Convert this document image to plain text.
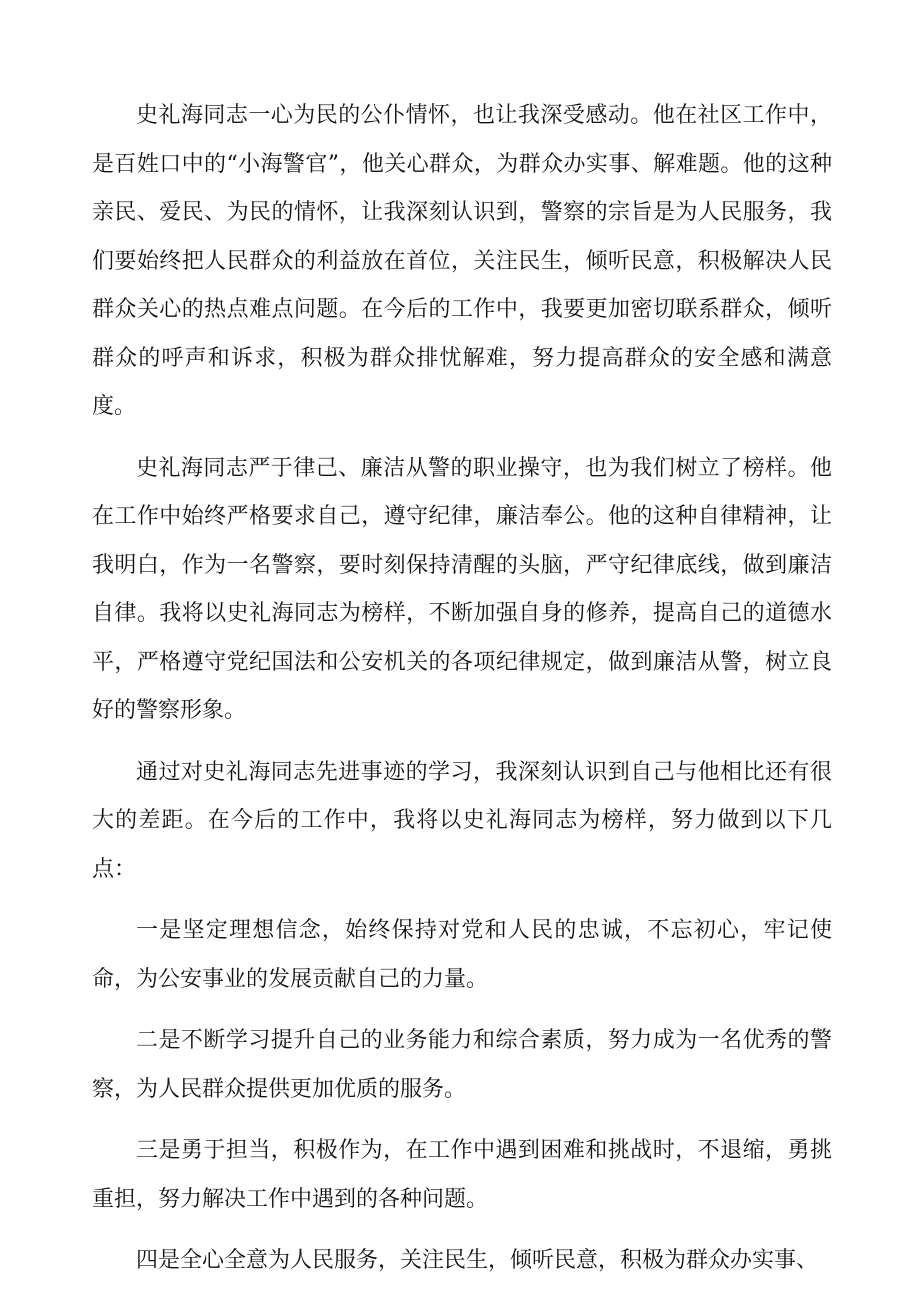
史礼海同志一心为民的公仆情怀，也让我深受感动。他在社区工作中，是百姓口中的“小海警官”，他关心群众，为群众办实事、解难题。他的这种亲民、爱民、为民的情怀，让我深刻认识到，警察的宗旨是为人民服务，我们要始终把人民群众的利益放在首位，关注民生，倾听民意，积极解决人民群众关心的热点难点问题。在今后的工作中，我要更加密切联系群众，倾听群众的呼声和诉求，积极为群众排忧解难，努力提高群众的安全感和满意度。

史礼海同志严于律己、廉洁从警的职业操守，也为我们树立了榜样。他在工作中始终严格要求自己，遵守纪律，廉洁奉公。他的这种自律精神，让我明白，作为一名警察，要时刻保持清醒的头脑，严守纪律底线，做到廉洁自律。我将以史礼海同志为榜样，不断加强自身的修养，提高自己的道德水平，严格遵守党纪国法和公安机关的各项纪律规定，做到廉洁从警，树立良好的警察形象。

通过对史礼海同志先进事迹的学习，我深刻认识到自己与他相比还有很大的差距。在今后的工作中，我将以史礼海同志为榜样，努力做到以下几点：

一是坚定理想信念，始终保持对党和人民的忠诚，不忘初心，牢记使命，为公安事业的发展贡献自己的力量。

二是不断学习提升自己的业务能力和综合素质，努力成为一名优秀的警察，为人民群众提供更加优质的服务。

三是勇于担当，积极作为，在工作中遇到困难和挑战时，不退缩，勇挑重担，努力解决工作中遇到的各种问题。

四是全心全意为人民服务，关注民生，倾听民意，积极为群众办实事、
